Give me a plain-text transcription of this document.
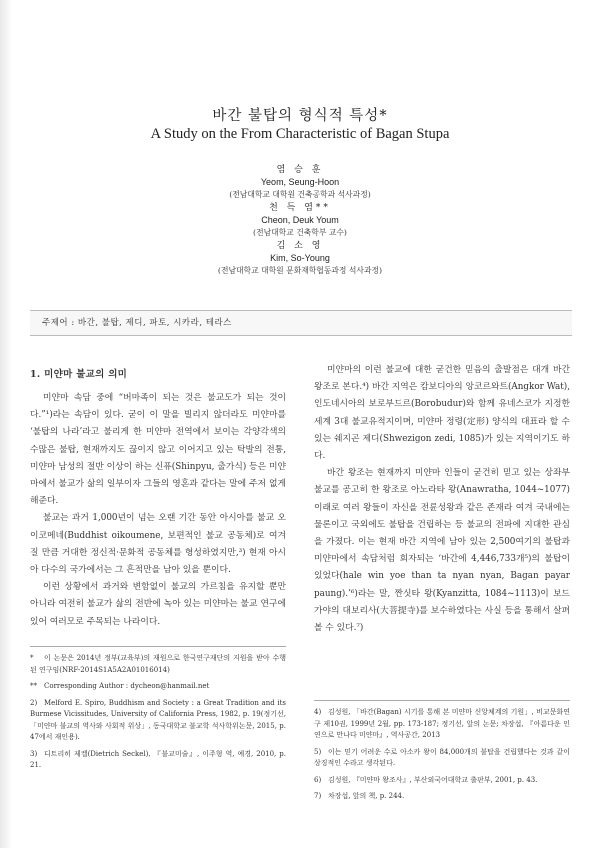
바간 불탑의 형식적 특성*
A Study on the From Characteristic of Bagan Stupa
염 승 훈
Yeom, Seung-Hoon
(전남대학교 대학원 건축공학과 석사과정)
천 득 염**
Cheon, Deuk Youm
(전남대학교 건축학부 교수)
김 소 영
Kim, So-Young
(전남대학교 대학원 문화재학협동과정 석사과정)
주제어 : 바간, 불탑, 제디, 파토, 시카라, 테라스
1. 미얀마 불교의 의미

미얀마 속담 중에 “버마족이 되는 것은 불교도가 되는 것이다.”¹)라는 속담이 있다. 굳이 이 말을 빌리지 않더라도 미얀마를 ‘불탑의 나라’라고 불리게 한 미얀마 전역에서 보이는 각양각색의 수많은 불탑, 현재까지도 끊이지 않고 이어지고 있는 탁발의 전통, 미얀마 남성의 절반 이상이 하는 신퓨(Shinpyu, 출가식) 등은 미얀마에서 불교가 삶의 일부이자 그들의 영혼과 같다는 말에 주저 없게 해준다.

불교는 과거 1,000년이 넘는 오랜 기간 동안 아시아를 불교 오이코메네(Buddhist oikoumene, 보편적인 불교 공동체)로 여겨질 만큼 거대한 정신적·문화적 공동체를 형성하였지만,³) 현재 아시아 다수의 국가에서는 그 흔적만을 남아 있을 뿐이다.

이런 상황에서 과거와 변함없이 불교의 가르침을 유지할 뿐만 아니라 여전히 불교가 삶의 전반에 녹아 있는 미얀마는 불교 연구에 있어 여러모로 주목되는 나라이다.

* 이 논문은 2014년 정부(교육부)의 재원으로 한국연구재단의 지원을 받아 수행된 연구임(NRF-2014S1A5A2A01016014)
** Corresponding Author : dycheon@hanmail.net
2) Melford E. Spiro, Buddhism and Society : a Great Tradition and its Burmese Vicissitudes, University of California Press, 1982, p. 19(정기선, 「미얀마 불교의 역사와 사회적 위상」, 동국대학교 불교학 석사학위논문, 2015, p. 47에서 재인용).
3) 디트리히 제켈(Dietrich Seckel), 『불교미술』, 이주형 역, 예경, 2010, p. 21.

미얀마의 이런 불교에 대한 굳건한 믿음의 출발점은 대개 바간 왕조로 본다.⁴) 바간 지역은 캄보디아의 앙코르와트(Angkor Wat), 인도네시아의 보로부드르(Borobudur)와 함께 유네스코가 지정한 세계 3대 불교유적지이며, 미얀마 정령(定形) 양식의 대표라 할 수 있는 쉐지곤 제디(Shwezigon zedi, 1085)가 있는 지역이기도 하다.

바간 왕조는 현재까지 미얀마 인들이 굳건히 믿고 있는 상좌부불교를 공고히 한 왕조로 아노라타 왕(Anawratha, 1044~1077) 이래로 여러 왕들이 자신을 전륜성왕과 같은 존재라 여겨 국내에는 물론이고 국외에도 불탑을 건립하는 등 불교의 전파에 지대한 관심을 가졌다. 이는 현재 바간 지역에 남아 있는 2,500여기의 불탑과 미얀마에서 속담처럼 회자되는 ‘바간에 4,446,733개⁵)의 불탑이 있었다(hale win yoe than ta nyan nyan, Bagan payar paung).’⁶)라는 말, 짠싯타 왕(Kyanzitta, 1084~1113)이 보드가야의 대보리사(大菩提寺)를 보수하였다는 사실 등을 통해서 살펴볼 수 있다.⁷)

4) 김성원, 「바간(Bagan) 시기를 통해 본 미얀마 신앙체계의 기원」, 비교문화연구 제10권, 1999년 2월, pp. 173-187; 정기선, 앞의 논문; 차장섭, 『아름다운 인연으로 만나다 미얀마』, 역사공간, 2013
5) 이는 믿기 어려운 수로 아소카 왕이 84,000개의 불탑을 건립했다는 것과 같이 상징적인 수라고 생각된다.
6) 김성원, 『미얀마 왕조사』, 부산외국어대학교 출판부, 2001, p. 43.
7) 차장섭, 앞의 책, p. 244.
